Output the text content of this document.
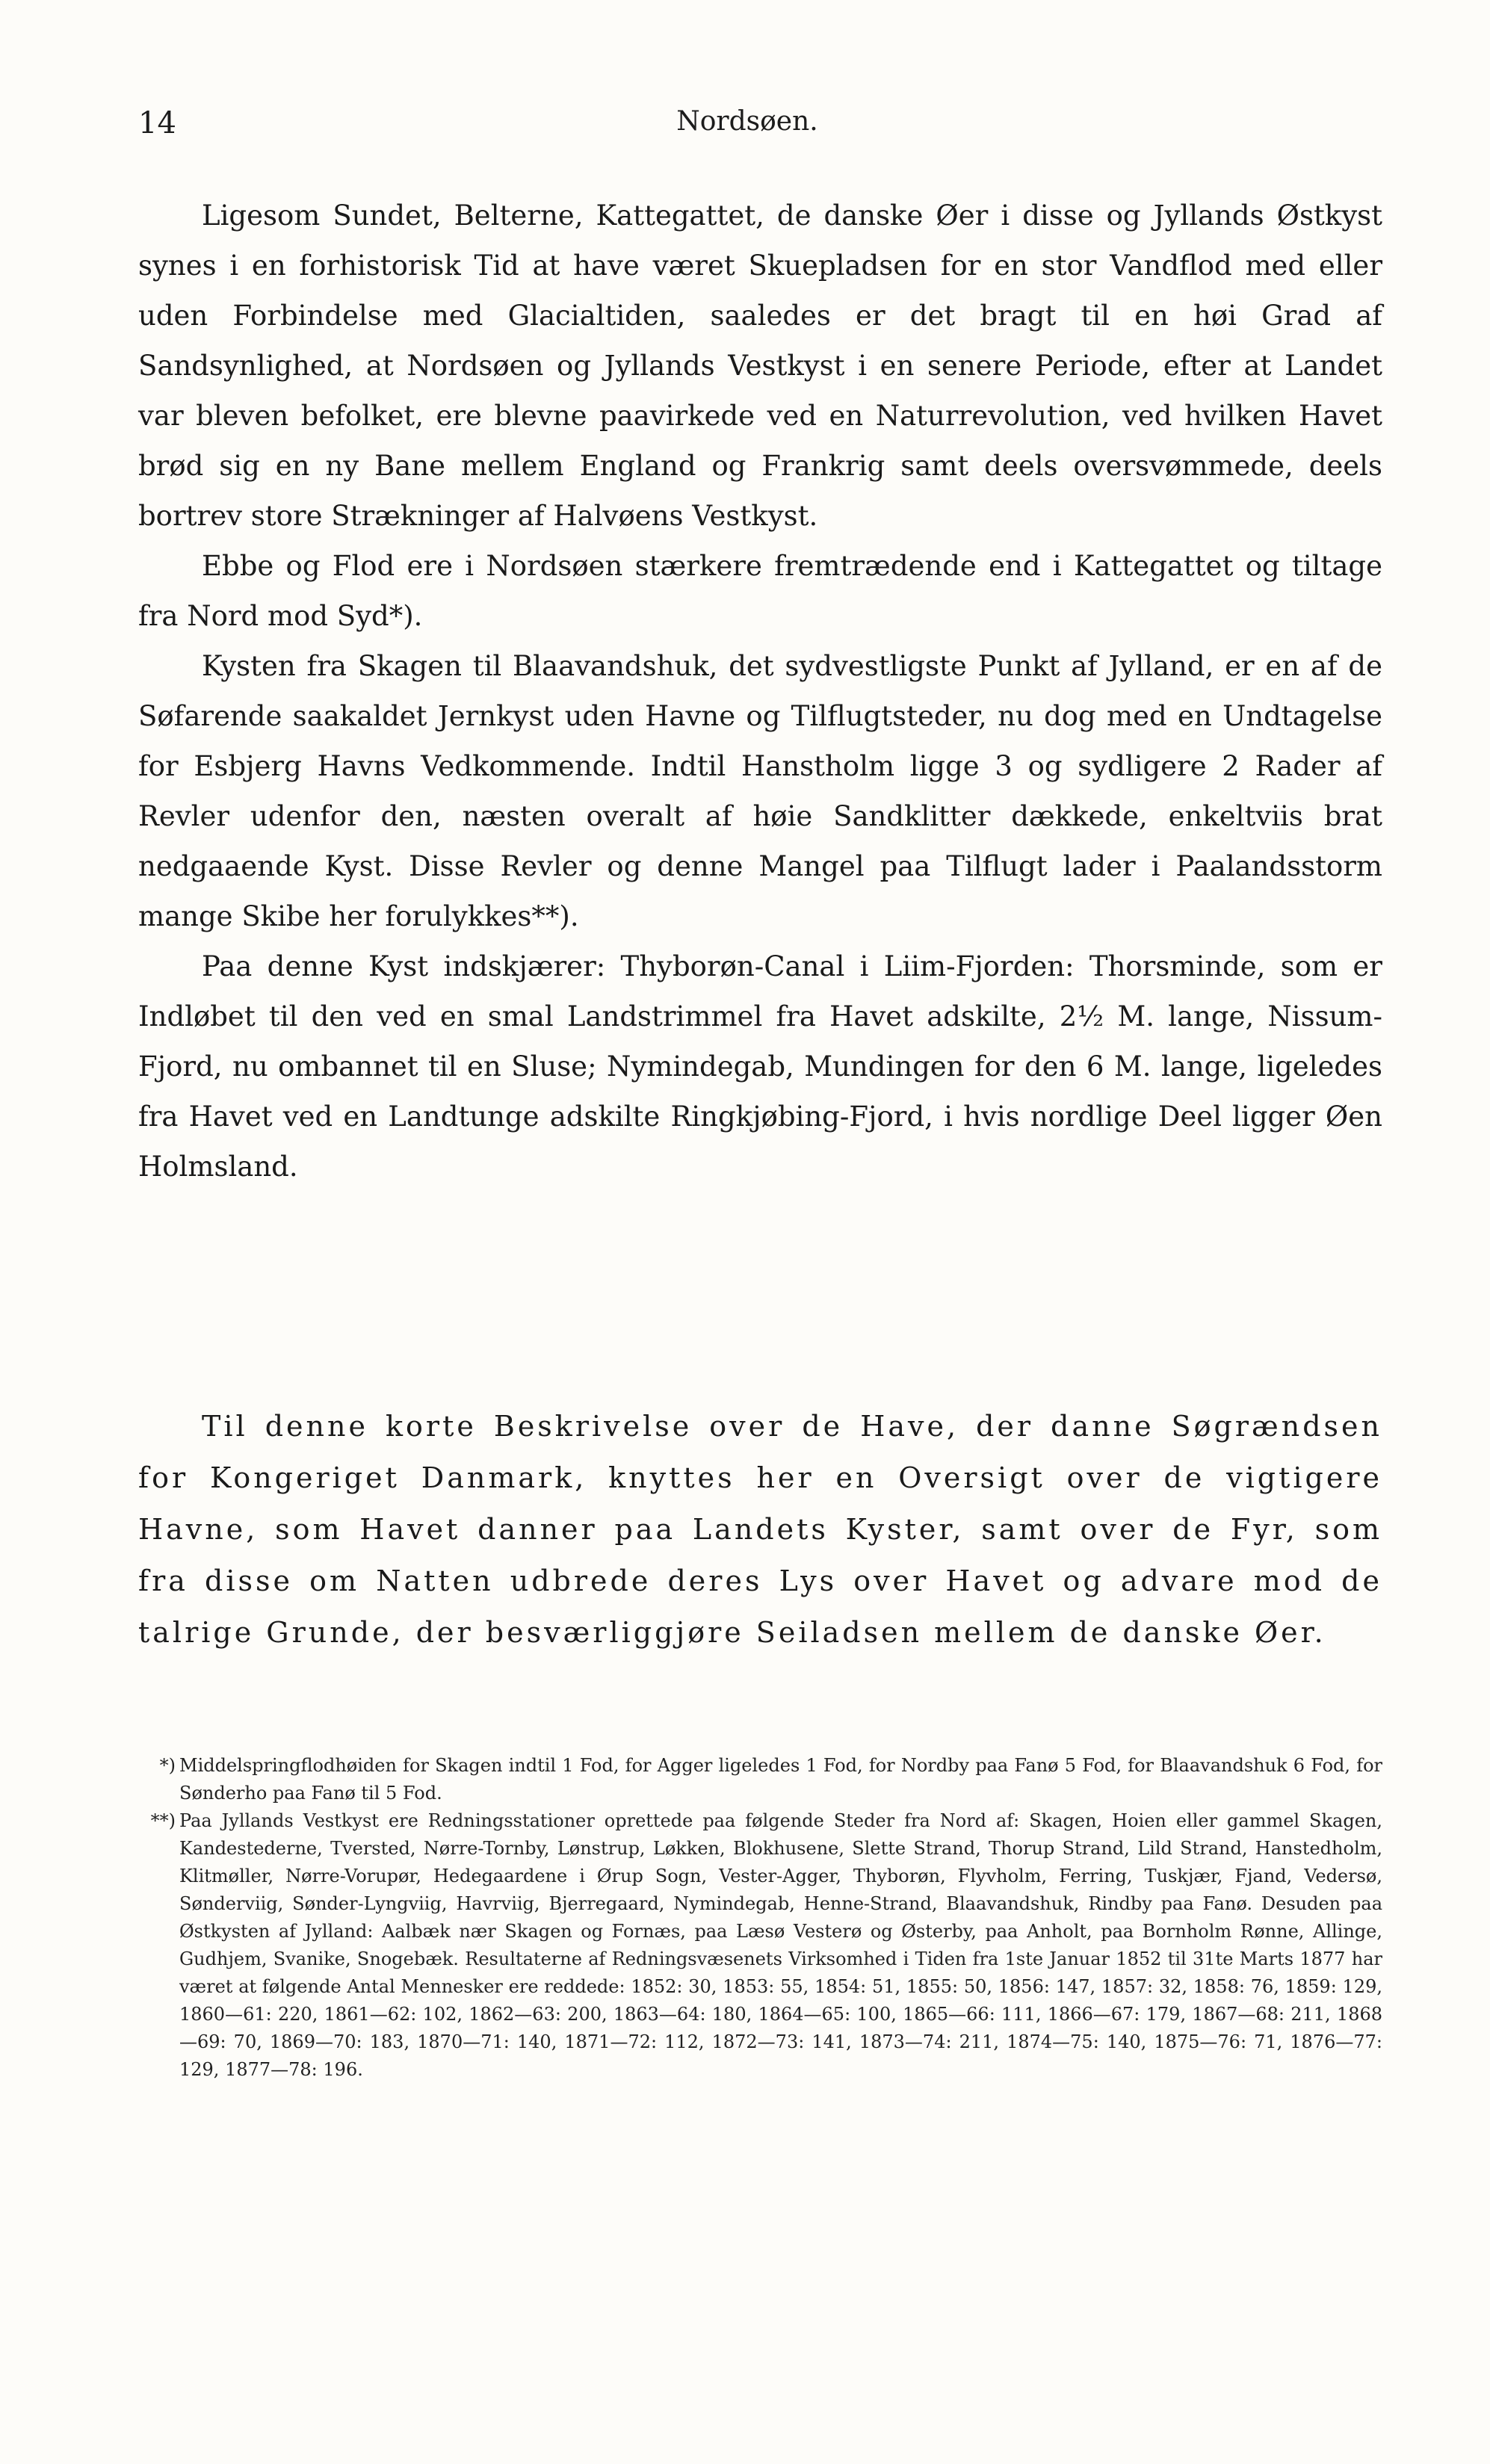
14	Nordsøen.

Ligesom Sundet, Belterne, Kattegattet, de danske Øer i disse og Jyllands Østkyst synes i en forhistorisk Tid at have været Skuepladsen for en stor Vandflod med eller uden Forbindelse med Glacialtiden, saaledes er det bragt til en høi Grad af Sandsynlighed, at Nordsøen og Jyllands Vestkyst i en senere Periode, efter at Landet var bleven befolket, ere blevne paavirkede ved en Naturrevolution, ved hvilken Havet brød sig en ny Bane mellem England og Frankrig samt deels oversvømmede, deels bortrev store Strækninger af Halvøens Vestkyst.

Ebbe og Flod ere i Nordsøen stærkere fremtrædende end i Kattegattet og tiltage fra Nord mod Syd*).

Kysten fra Skagen til Blaavandshuk, det sydvestligste Punkt af Jylland, er en af de Søfarende saakaldet Jernkyst uden Havne og Tilflugtsteder, nu dog med en Undtagelse for Esbjerg Havns Vedkommende. Indtil Hanstholm ligge 3 og sydligere 2 Rader af Revler udenfor den, næsten overalt af høie Sandklitter dækkede, enkeltviis brat nedgaaende Kyst. Disse Revler og denne Mangel paa Tilflugt lader i Paalandsstorm mange Skibe her forulykkes**).

Paa denne Kyst indskjærer: Thyborøn-Canal i Liim-Fjorden: Thorsminde, som er Indløbet til den ved en smal Landstrimmel fra Havet adskilte, 2½ M. lange, Nissum-Fjord, nu ombannet til en Sluse; Nymindegab, Mundingen for den 6 M. lange, ligeledes fra Havet ved en Landtunge adskilte Ringkjøbing-Fjord, i hvis nordlige Deel ligger Øen Holmsland.

Til denne korte Beskrivelse over de Have, der danne Søgrændsen for Kongeriget Danmark, knyttes her en Oversigt over de vigtigere Havne, som Havet danner paa Landets Kyster, samt over de Fyr, som fra disse om Natten udbrede deres Lys over Havet og advare mod de talrige Grunde, der besværliggjøre Seiladsen mellem de danske Øer.

*) Middelspringflodhøiden for Skagen indtil 1 Fod, for Agger ligeledes 1 Fod, for Nordby paa Fanø 5 Fod, for Blaavandshuk 6 Fod, for Sønderho paa Fanø til 5 Fod.
**) Paa Jyllands Vestkyst ere Redningsstationer oprettede paa følgende Steder fra Nord af: Skagen, Hoien eller gammel Skagen, Kandestederne, Tversted, Nørre-Tornby, Lønstrup, Løkken, Blokhusene, Slette Strand, Thorup Strand, Lild Strand, Hanstedholm, Klitmøller, Nørre-Vorupør, Hedegaardene i Ørup Sogn, Vester-Agger, Thyborøn, Flyvholm, Ferring, Tuskjær, Fjand, Vedersø, Sønderviig, Sønder-Lyngviig, Havrviig, Bjerregaard, Nymindegab, Henne-Strand, Blaavandshuk, Rindby paa Fanø. Desuden paa Østkysten af Jylland: Aalbæk nær Skagen og Fornæs, paa Læsø Vesterø og Østerby, paa Anholt, paa Bornholm Rønne, Allinge, Gudhjem, Svanike, Snogebæk. Resultaterne af Redningsvæsenets Virksomhed i Tiden fra 1ste Januar 1852 til 31te Marts 1877 har været at følgende Antal Mennesker ere reddede: 1852: 30, 1853: 55, 1854: 51, 1855: 50, 1856: 147, 1857: 32, 1858: 76, 1859: 129, 1860—61: 220, 1861—62: 102, 1862—63: 200, 1863—64: 180, 1864—65: 100, 1865—66: 111, 1866—67: 179, 1867—68: 211, 1868—69: 70, 1869—70: 183, 1870—71: 140, 1871—72: 112, 1872—73: 141, 1873—74: 211, 1874—75: 140, 1875—76: 71, 1876—77: 129, 1877—78: 196.
